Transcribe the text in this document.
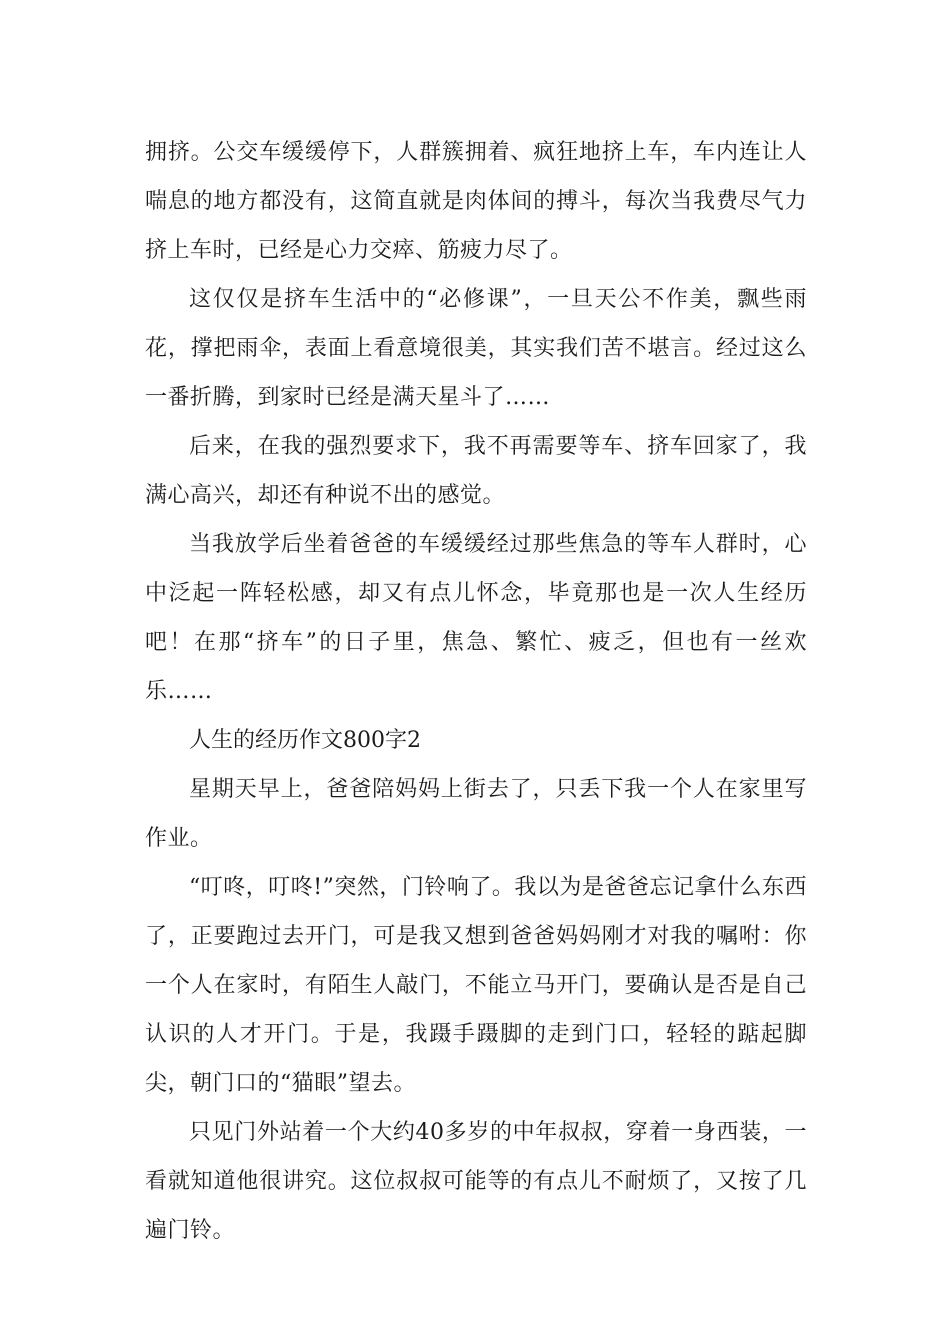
拥挤。公交车缓缓停下，人群簇拥着、疯狂地挤上车，车内连让人喘息的地方都没有，这简直就是肉体间的搏斗，每次当我费尽气力挤上车时，已经是心力交瘁、筋疲力尽了。

这仅仅是挤车生活中的“必修课”，一旦天公不作美，飘些雨花，撑把雨伞，表面上看意境很美，其实我们苦不堪言。经过这么一番折腾，到家时已经是满天星斗了……

后来，在我的强烈要求下，我不再需要等车、挤车回家了，我满心高兴，却还有种说不出的感觉。

当我放学后坐着爸爸的车缓缓经过那些焦急的等车人群时，心中泛起一阵轻松感，却又有点儿怀念，毕竟那也是一次人生经历吧！在那“挤车”的日子里，焦急、繁忙、疲乏，但也有一丝欢乐……

人生的经历作文800字2

星期天早上，爸爸陪妈妈上街去了，只丢下我一个人在家里写作业。

“叮咚，叮咚!”突然，门铃响了。我以为是爸爸忘记拿什么东西了，正要跑过去开门，可是我又想到爸爸妈妈刚才对我的嘱咐：你一个人在家时，有陌生人敲门，不能立马开门，要确认是否是自己认识的人才开门。于是，我蹑手蹑脚的走到门口，轻轻的踮起脚尖，朝门口的“猫眼”望去。

只见门外站着一个大约40多岁的中年叔叔，穿着一身西装，一看就知道他很讲究。这位叔叔可能等的有点儿不耐烦了，又按了几遍门铃。
